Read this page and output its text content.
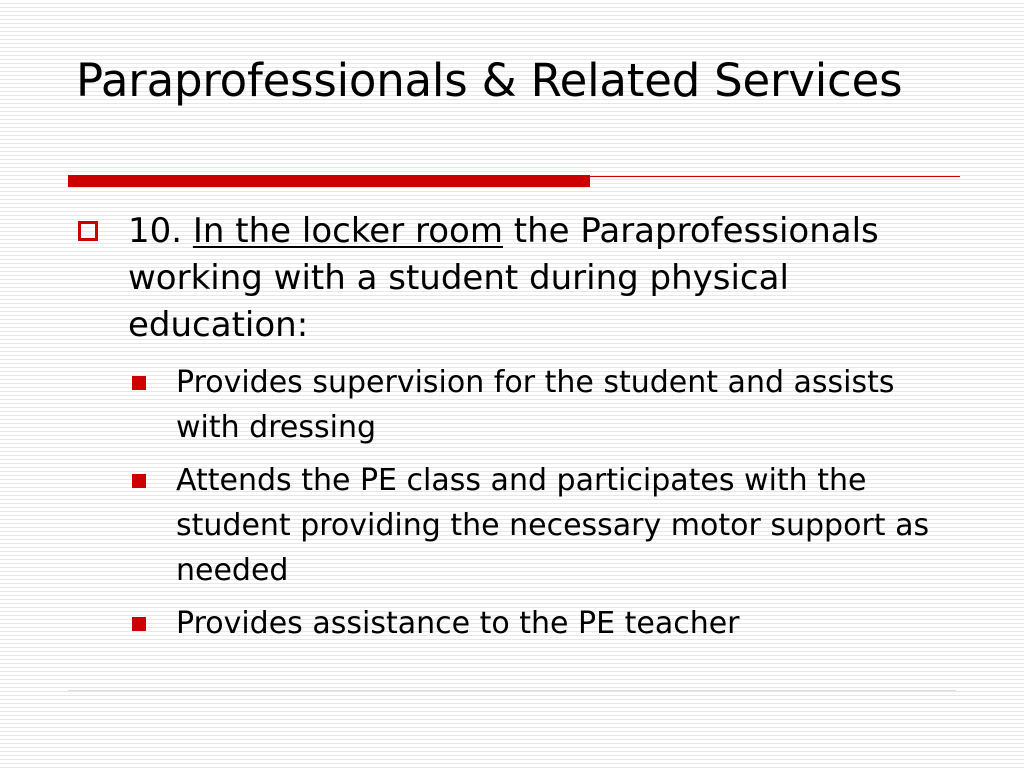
Paraprofessionals & Related Services
10. In the locker room the Paraprofessionals working with a student during physical education:
Provides supervision for the student and assists with dressing
Attends the PE class and participates with the student providing the necessary motor support as needed
Provides assistance to the PE teacher
